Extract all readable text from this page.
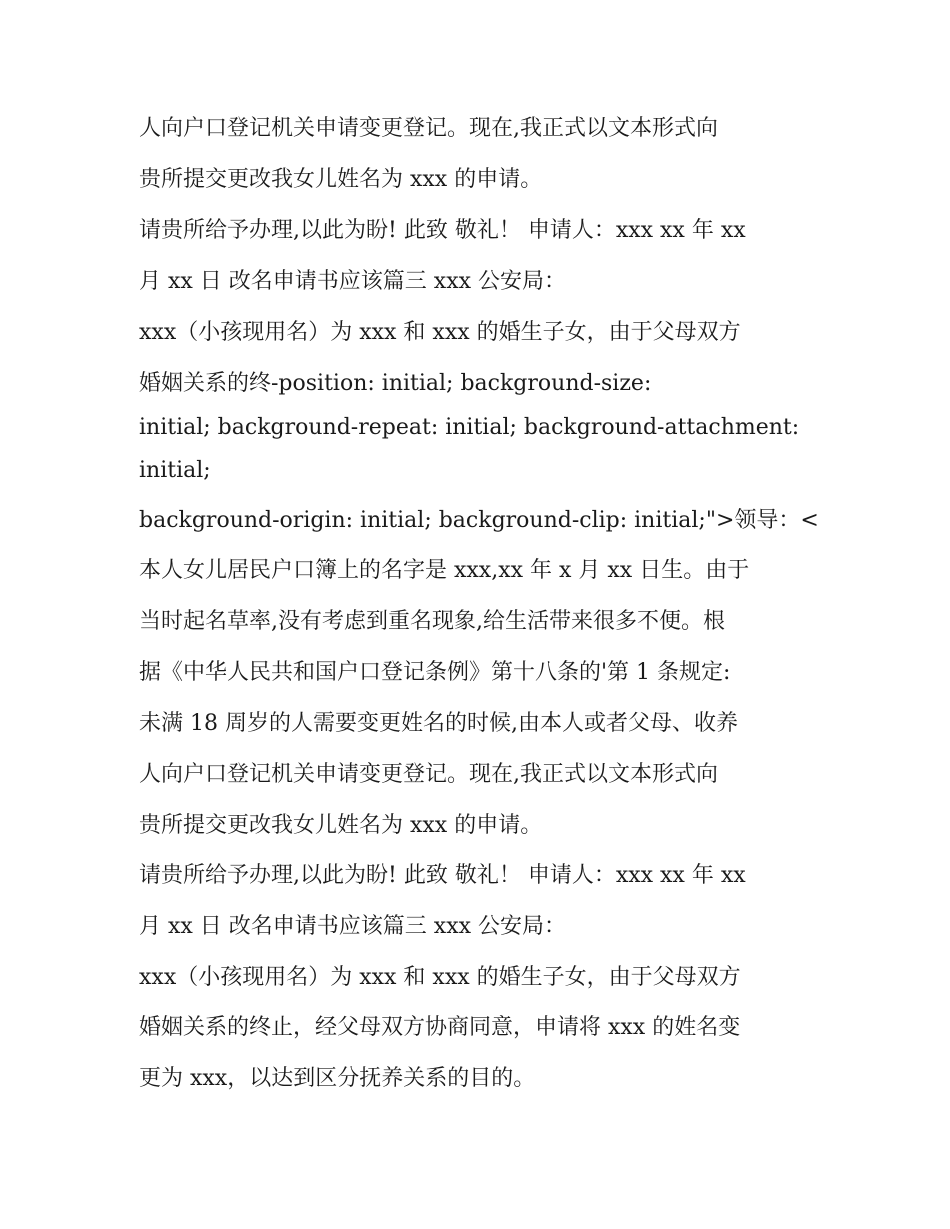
人向户口登记机关申请变更登记。现在,我正式以文本形式向
贵所提交更改我女儿姓名为 xxx 的申请。
请贵所给予办理,以此为盼! 此致 敬礼！ 申请人：xxx xx 年 xx
月 xx 日 改名申请书应该篇三 xxx 公安局：
xxx（小孩现用名）为 xxx 和 xxx 的婚生子女，由于父母双方
婚姻关系的终-position: initial; background-size:
initial; background-repeat: initial; background-attachment:
initial;
background-origin: initial; background-clip: initial;">领导：<
本人女儿居民户口簿上的名字是 xxx,xx 年 x 月 xx 日生。由于
当时起名草率,没有考虑到重名现象,给生活带来很多不便。根
据《中华人民共和国户口登记条例》第十八条的'第 1 条规定:
未满 18 周岁的人需要变更姓名的时候,由本人或者父母、收养
人向户口登记机关申请变更登记。现在,我正式以文本形式向
贵所提交更改我女儿姓名为 xxx 的申请。
请贵所给予办理,以此为盼! 此致 敬礼！ 申请人：xxx xx 年 xx
月 xx 日 改名申请书应该篇三 xxx 公安局：
xxx（小孩现用名）为 xxx 和 xxx 的婚生子女，由于父母双方
婚姻关系的终止，经父母双方协商同意，申请将 xxx 的姓名变
更为 xxx，以达到区分抚养关系的目的。
